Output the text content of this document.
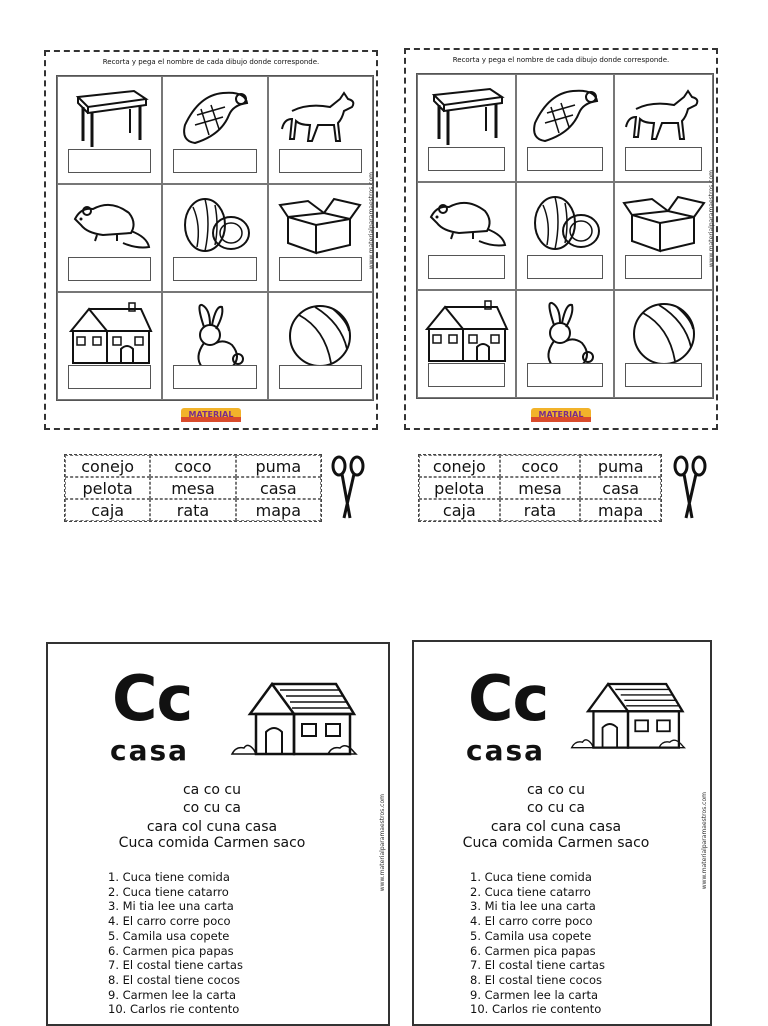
Recorta y pega el nombre de cada dibujo donde corresponde.
www.materialparamaestros.com
MATERIAL
Recorta y pega el nombre de cada dibujo donde corresponde.
www.materialparamaestros.com
MATERIAL
conejo	coco	puma
pelota	mesa	casa
caja	rata	mapa
conejo	coco	puma
pelota	mesa	casa
caja	rata	mapa
Cc
casa
ca co cu
co cu ca
cara col cuna casa
Cuca comida Carmen saco
1. Cuca tiene comida
2. Cuca tiene catarro
3. Mi tia lee una carta
4. El carro corre poco
5. Camila usa copete
6. Carmen pica papas
7. El costal tiene cartas
8. El costal tiene cocos
9. Carmen lee la carta
10. Carlos rie contento
www.materialparamaestros.com
Cc
casa
ca co cu
co cu ca
cara col cuna casa
Cuca comida Carmen saco
1. Cuca tiene comida
2. Cuca tiene catarro
3. Mi tia lee una carta
4. El carro corre poco
5. Camila usa copete
6. Carmen pica papas
7. El costal tiene cartas
8. El costal tiene cocos
9. Carmen lee la carta
10. Carlos rie contento
www.materialparamaestros.com
